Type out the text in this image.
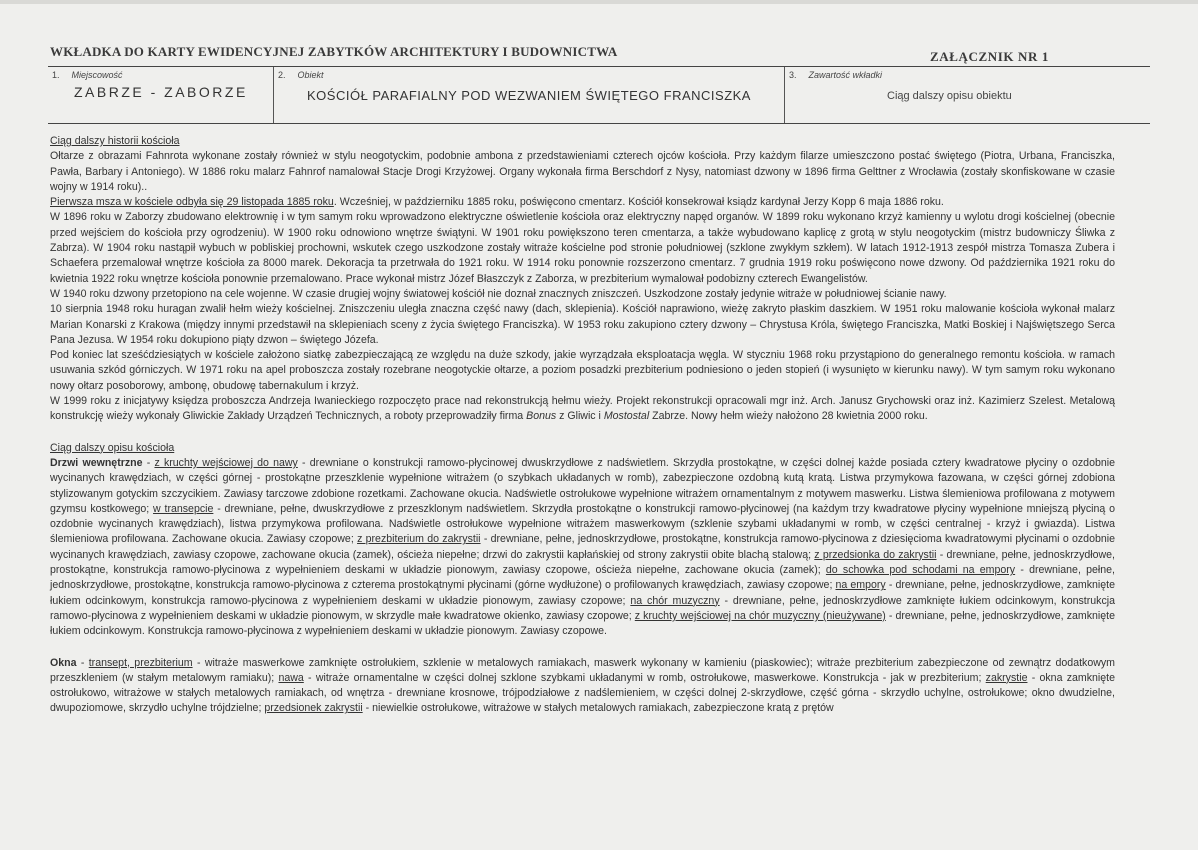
WKŁADKA DO KARTY EWIDENCYJNEJ ZABYTKÓW ARCHITEKTURY I BUDOWNICTWA	ZAŁĄCZNIK NR 1
1. Miejscowość
ZABRZE - ZABORZE
2. Obiekt
KOŚCIÓŁ PARAFIALNY POD WEZWANIEM ŚWIĘTEGO FRANCISZKA
3. Zawartość wkładki
Ciąg dalszy opisu obiektu
Ciąg dalszy historii kościoła

Ołtarze z obrazami Fahnrota wykonane zostały również w stylu neogotyckim, podobnie ambona z przedstawieniami czterech ojców kościoła. Przy każdym filarze umieszczono postać świętego (Piotra, Urbana, Franciszka, Pawła, Barbary i Antoniego). W 1886 roku malarz Fahnrof namalował Stacje Drogi Krzyżowej. Organy wykonała firma Berschdorf z Nysy, natomiast dzwony w 1896 firma Gelttner z Wrocławia (zostały skonfiskowane w czasie wojny w 1914 roku)..

Pierwsza msza w kościele odbyła się 29 listopada 1885 roku. Wcześniej, w październiku 1885 roku, poświęcono cmentarz. Kościół konsekrował ksiądz kardynał Jerzy Kopp 6 maja 1886 roku.

W 1896 roku w Zaborzy zbudowano elektrownię i w tym samym roku wprowadzono elektryczne oświetlenie kościoła oraz elektryczny napęd organów. W 1899 roku wykonano krzyż kamienny u wylotu drogi kościelnej (obecnie przed wejściem do kościoła przy ogrodzeniu). W 1900 roku odnowiono wnętrze świątyni. W 1901 roku powiększono teren cmentarza, a także wybudowano kaplicę z grotą w stylu neogotyckim (mistrz budowniczy Śliwka z Zabrza). W 1904 roku nastąpił wybuch w pobliskiej prochowni, wskutek czego uszkodzone zostały witraże kościelne pod stronie południowej (szklone zwykłym szkłem). W latach 1912-1913 zespół mistrza Tomasza Zubera i Schaefera przemalował wnętrze kościoła za 8000 marek. Dekoracja ta przetrwała do 1921 roku. W 1914 roku ponownie rozszerzono cmentarz. 7 grudnia 1919 roku poświęcono nowe dzwony. Od października 1921 roku do kwietnia 1922 roku wnętrze kościoła ponownie przemalowano. Prace wykonał mistrz Józef Błaszczyk z Zaborza, w prezbiterium wymalował podobizny czterech Ewangelistów.

W 1940 roku dzwony przetopiono na cele wojenne. W czasie drugiej wojny światowej kościół nie doznał znacznych zniszczeń. Uszkodzone zostały jedynie witraże w południowej ścianie nawy.

10 sierpnia 1948 roku huragan zwalił hełm wieży kościelnej. Zniszczeniu uległa znaczna część nawy (dach, sklepienia). Kościół naprawiono, wieżę zakryto płaskim daszkiem. W 1951 roku malowanie kościoła wykonał malarz Marian Konarski z Krakowa (między innymi przedstawił na sklepieniach sceny z życia świętego Franciszka). W 1953 roku zakupiono cztery dzwony – Chrystusa Króla, świętego Franciszka, Matki Boskiej i Najświętszego Serca Pana Jezusa. W 1954 roku dokupiono piąty dzwon – świętego Józefa.

Pod koniec lat sześćdziesiątych w kościele założono siatkę zabezpieczającą ze względu na duże szkody, jakie wyrządzała eksploatacja węgla. W styczniu 1968 roku przystąpiono do generalnego remontu kościoła. w ramach usuwania szkód górniczych. W 1971 roku na apel proboszcza zostały rozebrane neogotyckie ołtarze, a poziom posadzki prezbiterium podniesiono o jeden stopień (i wysunięto w kierunku nawy). W tym samym roku wykonano nowy ołtarz posoborowy, ambonę, obudowę tabernakulum i krzyż.

W 1999 roku z inicjatywy księdza proboszcza Andrzeja Iwanieckiego rozpoczęto prace nad rekonstrukcją hełmu wieży. Projekt rekonstrukcji opracowali mgr inż. Arch. Janusz Grychowski oraz inż. Kazimierz Szelest. Metalową konstrukcję wieży wykonały Gliwickie Zakłady Urządzeń Technicznych, a roboty przeprowadziły firma Bonus z Gliwic i Mostostal Zabrze. Nowy hełm wieży nałożono 28 kwietnia 2000 roku.

Ciąg dalszy opisu kościoła

Drzwi wewnętrzne - z kruchty wejściowej do nawy - drewniane o konstrukcji ramowo-płycinowej dwuskrzydłowe z nadświetlem. Skrzydła prostokątne, w części dolnej każde posiada cztery kwadratowe płyciny o ozdobnie wycinanych krawędziach, w części górnej - prostokątne przeszklenie wypełnione witrażem (o szybkach układanych w romb), zabezpieczone ozdobną kutą kratą. Listwa przymykowa fazowana, w części górnej zdobiona stylizowanym gotyckim szczycikiem. Zawiasy tarczowe zdobione rozetkami. Zachowane okucia. Nadświetle ostrołukowe wypełnione witrażem ornamentalnym z motywem maswerku. Listwa ślemieniowa profilowana z motywem gzymsu kostkowego; w transepcie - drewniane, pełne, dwuskrzydłowe z przeszklonym nadświetlem. Skrzydła prostokątne o konstrukcji ramowo-płycinowej (na każdym trzy kwadratowe płyciny wypełnione mniejszą płyciną o ozdobnie wycinanych krawędziach), listwa przymykowa profilowana. Nadświetle ostrołukowe wypełnione witrażem maswerkowym (szklenie szybami układanymi w romb, w części centralnej - krzyż i gwiazda). Listwa ślemieniowa profilowana. Zachowane okucia. Zawiasy czopowe; z prezbiterium do zakrystii - drewniane, pełne, jednoskrzydłowe, prostokątne, konstrukcja ramowo-płycinowa z dziesięcioma kwadratowymi płycinami o ozdobnie wycinanych krawędziach, zawiasy czopowe, zachowane okucia (zamek), ościeża niepełne; drzwi do zakrystii kapłańskiej od strony zakrystii obite blachą stalową; z przedsionka do zakrystii - drewniane, pełne, jednoskrzydłowe, prostokątne, konstrukcja ramowo-płycinowa z wypełnieniem deskami w układzie pionowym, zawiasy czopowe, ościeża niepełne, zachowane okucia (zamek); do schowka pod schodami na empory - drewniane, pełne, jednoskrzydłowe, prostokątne, konstrukcja ramowo-płycinowa z czterema prostokątnymi płycinami (górne wydłużone) o profilowanych krawędziach, zawiasy czopowe; na empory - drewniane, pełne, jednoskrzydłowe, zamknięte łukiem odcinkowym, konstrukcja ramowo-płycinowa z wypełnieniem deskami w układzie pionowym, zawiasy czopowe; na chór muzyczny - drewniane, pełne, jednoskrzydłowe zamknięte łukiem odcinkowym, konstrukcja ramowo-płycinowa z wypełnieniem deskami w układzie pionowym, w skrzydle małe kwadratowe okienko, zawiasy czopowe; z kruchty wejściowej na chór muzyczny (nieużywane) - drewniane, pełne, jednoskrzydłowe, zamknięte łukiem odcinkowym. Konstrukcja ramowo-płycinowa z wypełnieniem deskami w układzie pionowym. Zawiasy czopowe.

Okna - transept, prezbiterium - witraże maswerkowe zamknięte ostrołukiem, szklenie w metalowych ramiakach, maswerk wykonany w kamieniu (piaskowiec); witraże prezbiterium zabezpieczone od zewnątrz dodatkowym przeszkleniem (w stałym metalowym ramiaku); nawa - witraże ornamentalne w części dolnej szklone szybkami układanymi w romb, ostrołukowe, maswerkowe. Konstrukcja - jak w prezbiterium; zakrystie - okna zamknięte ostrołukowo, witrażowe w stałych metalowych ramiakach, od wnętrza - drewniane krosnowe, trójpodziałowe z nadślemieniem, w części dolnej 2-skrzydłowe, część górna - skrzydło uchylne, ostrołukowe; okno dwudzielne, dwupoziomowe, skrzydło uchylne trójdzielne; przedsionek zakrystii - niewielkie ostrołukowe, witrażowe w stałych metalowych ramiakach, zabezpieczone kratą z prętów
